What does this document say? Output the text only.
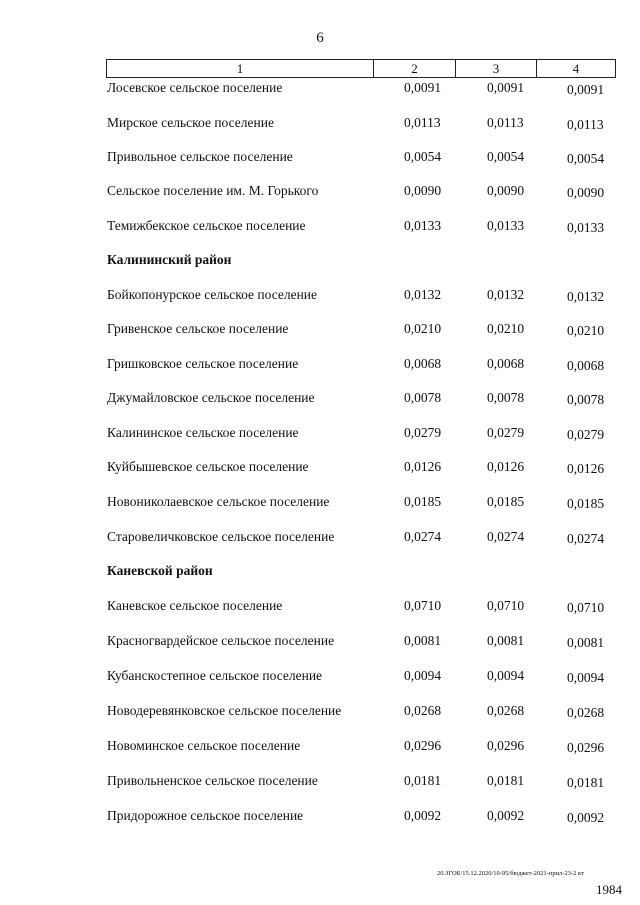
6
1	2	3	4
Лосевское сельское поселение	0,0091	0,0091	0,0091
Мирское сельское поселение	0,0113	0,0113	0,0113
Привольное сельское поселение	0,0054	0,0054	0,0054
Сельское поселение им. М. Горького	0,0090	0,0090	0,0090
Темижбекское сельское поселение	0,0133	0,0133	0,0133
Калининский район
Бойкопонурское сельское поселение	0,0132	0,0132	0,0132
Гривенское сельское поселение	0,0210	0,0210	0,0210
Гришковское сельское поселение	0,0068	0,0068	0,0068
Джумайловское сельское поселение	0,0078	0,0078	0,0078
Калининское сельское поселение	0,0279	0,0279	0,0279
Куйбышевское сельское поселение	0,0126	0,0126	0,0126
Новониколаевское сельское поселение	0,0185	0,0185	0,0185
Старовеличковское сельское поселение	0,0274	0,0274	0,0274
Каневской район
Каневское сельское поселение	0,0710	0,0710	0,0710
Красногвардейское сельское поселение	0,0081	0,0081	0,0081
Кубанскостепное сельское поселение	0,0094	0,0094	0,0094
Новодеревянковское сельское поселение	0,0268	0,0268	0,0268
Новоминское сельское поселение	0,0296	0,0296	0,0296
Привольненское сельское поселение	0,0181	0,0181	0,0181
Придорожное сельское поселение	0,0092	0,0092	0,0092
20.ЗГОБ/15.12.2020/10-95/бюджет-2021-прил-23-2 кт
1984
